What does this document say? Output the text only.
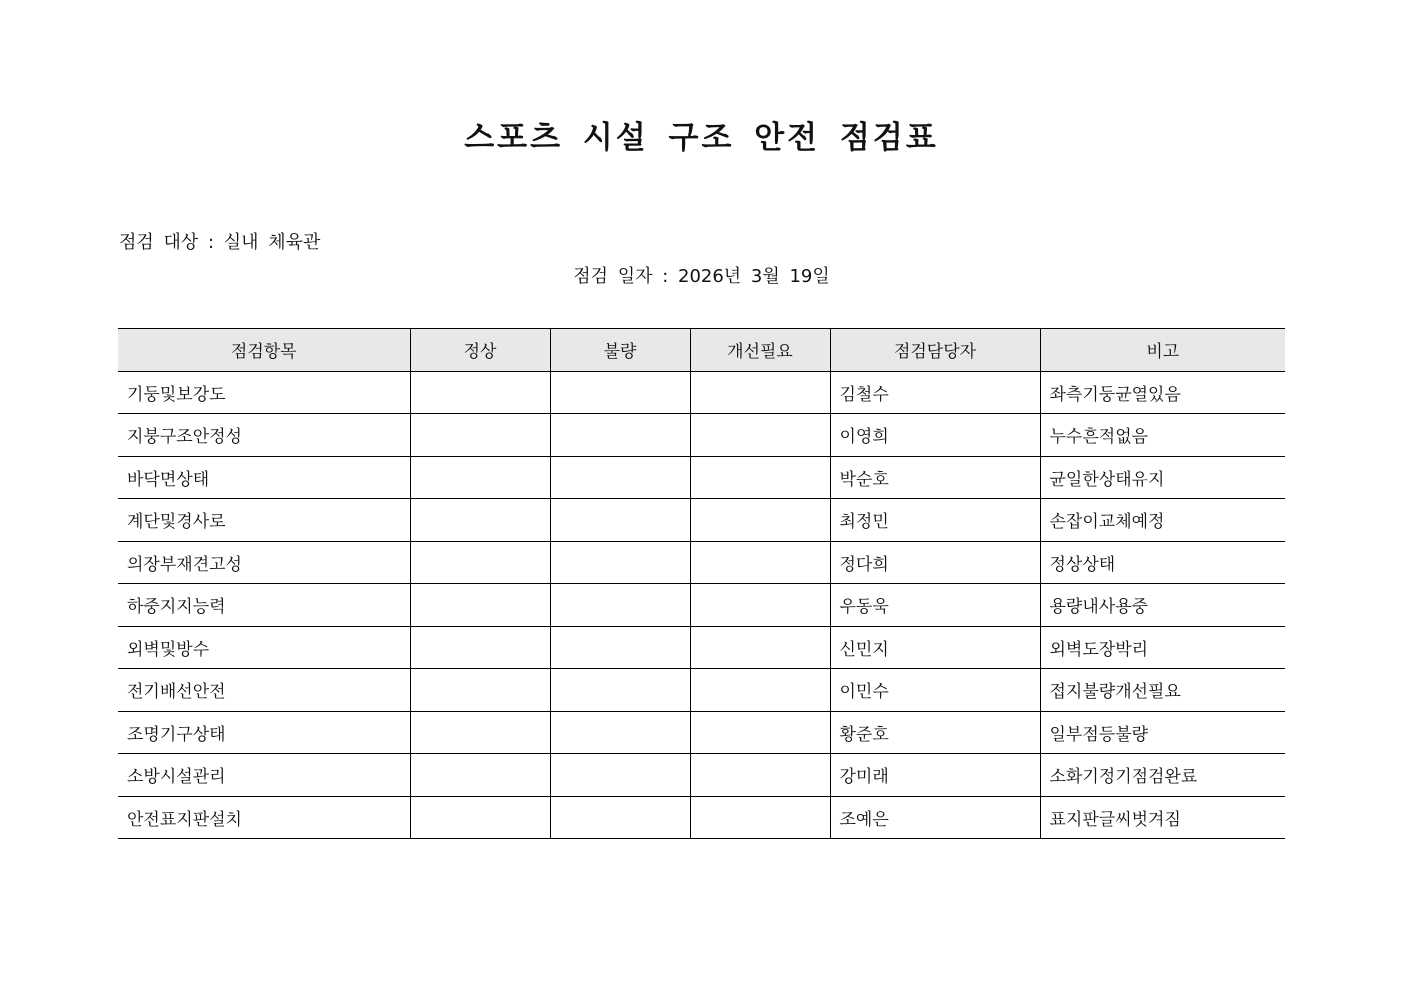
스포츠 시설 구조 안전 점검표
점검 대상 : 실내 체육관
점검 일자 : 2026년 3월 19일
점검항목	정상	불량	개선필요	점검담당자	비고
기둥및보강도				김철수	좌측기둥균열있음
지붕구조안정성				이영희	누수흔적없음
바닥면상태				박순호	균일한상태유지
계단및경사로				최정민	손잡이교체예정
의장부재견고성				정다희	정상상태
하중지지능력				우동욱	용량내사용중
외벽및방수				신민지	외벽도장박리
전기배선안전				이민수	접지불량개선필요
조명기구상태				황준호	일부점등불량
소방시설관리				강미래	소화기정기점검완료
안전표지판설치				조예은	표지판글씨벗겨짐
